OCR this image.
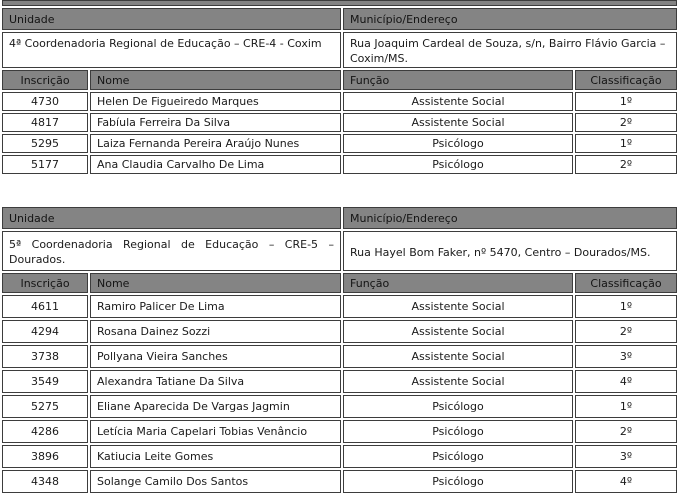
Unidade		Município/Endereço	
4ª Coordenadoria Regional de Educação – CRE-4 - Coxim		Rua Joaquim Cardeal de Souza, s/n, Bairro Flávio Garcia – Coxim/MS.	
Inscrição	Nome	Função	Classificação
4730	Helen De Figueiredo Marques	Assistente Social	1º
4817	Fabíula Ferreira Da Silva	Assistente Social	2º
5295	Laiza Fernanda Pereira Araújo Nunes	Psicólogo	1º
5177	Ana Claudia Carvalho De Lima	Psicólogo	2º
Unidade		Município/Endereço	
5ª Coordenadoria Regional de Educação – CRE-5 – Dourados.		Rua Hayel Bom Faker, nº 5470, Centro – Dourados/MS.	
Inscrição	Nome	Função	Classificação
4611	Ramiro Palicer De Lima	Assistente Social	1º
4294	Rosana Dainez Sozzi	Assistente Social	2º
3738	Pollyana Vieira Sanches	Assistente Social	3º
3549	Alexandra Tatiane Da Silva	Assistente Social	4º
5275	Eliane Aparecida De Vargas Jagmin	Psicólogo	1º
4286	Letícia Maria Capelari Tobias Venâncio	Psicólogo	2º
3896	Katiucia Leite Gomes	Psicólogo	3º
4348	Solange Camilo Dos Santos	Psicólogo	4º
